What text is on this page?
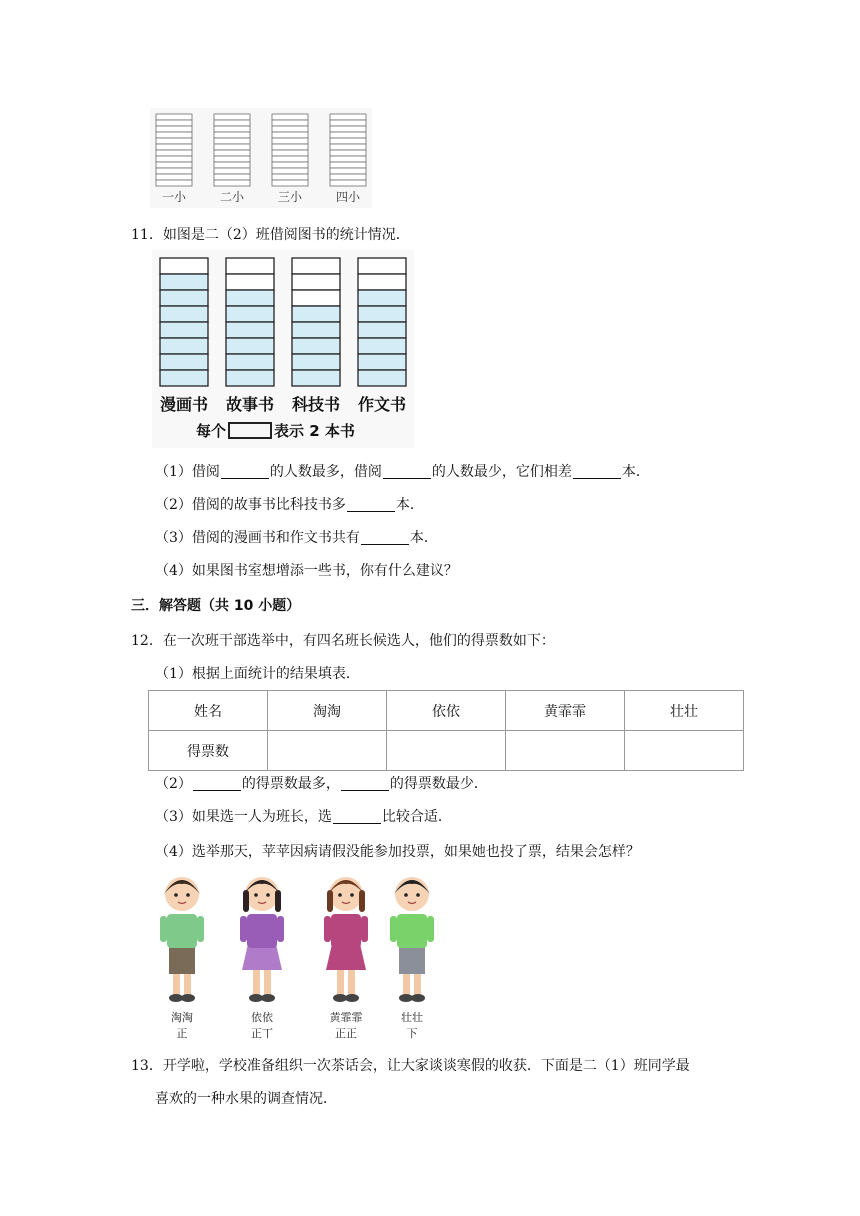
一小	二小	三小	四小
11．如图是二（2）班借阅图书的统计情况．
漫画书	故事书	科技书	作文书
每个	表示 2 本书
（1）借阅	的人数最多，借阅	的人数最少，它们相差	本．
（2）借阅的故事书比科技书多	本．
（3）借阅的漫画书和作文书共有	本．
（4）如果图书室想增添一些书，你有什么建议？
三．解答题（共 10 小题）
12．在一次班干部选举中，有四名班长候选人，他们的得票数如下：
（1）根据上面统计的结果填表．
姓名	淘淘	依依	黄霏霏	壮壮
得票数				
（2）	的得票数最多，	的得票数最少．
（3）如果选一人为班长，选	比较合适．
（4）选举那天，苹苹因病请假没能参加投票，如果她也投了票，结果会怎样？
淘淘
正
依依
正丅
黄霏霏
正正
壮壮
下
13．开学啦，学校准备组织一次茶话会，让大家谈谈寒假的收获．下面是二（1）班同学最
喜欢的一种水果的调查情况．
